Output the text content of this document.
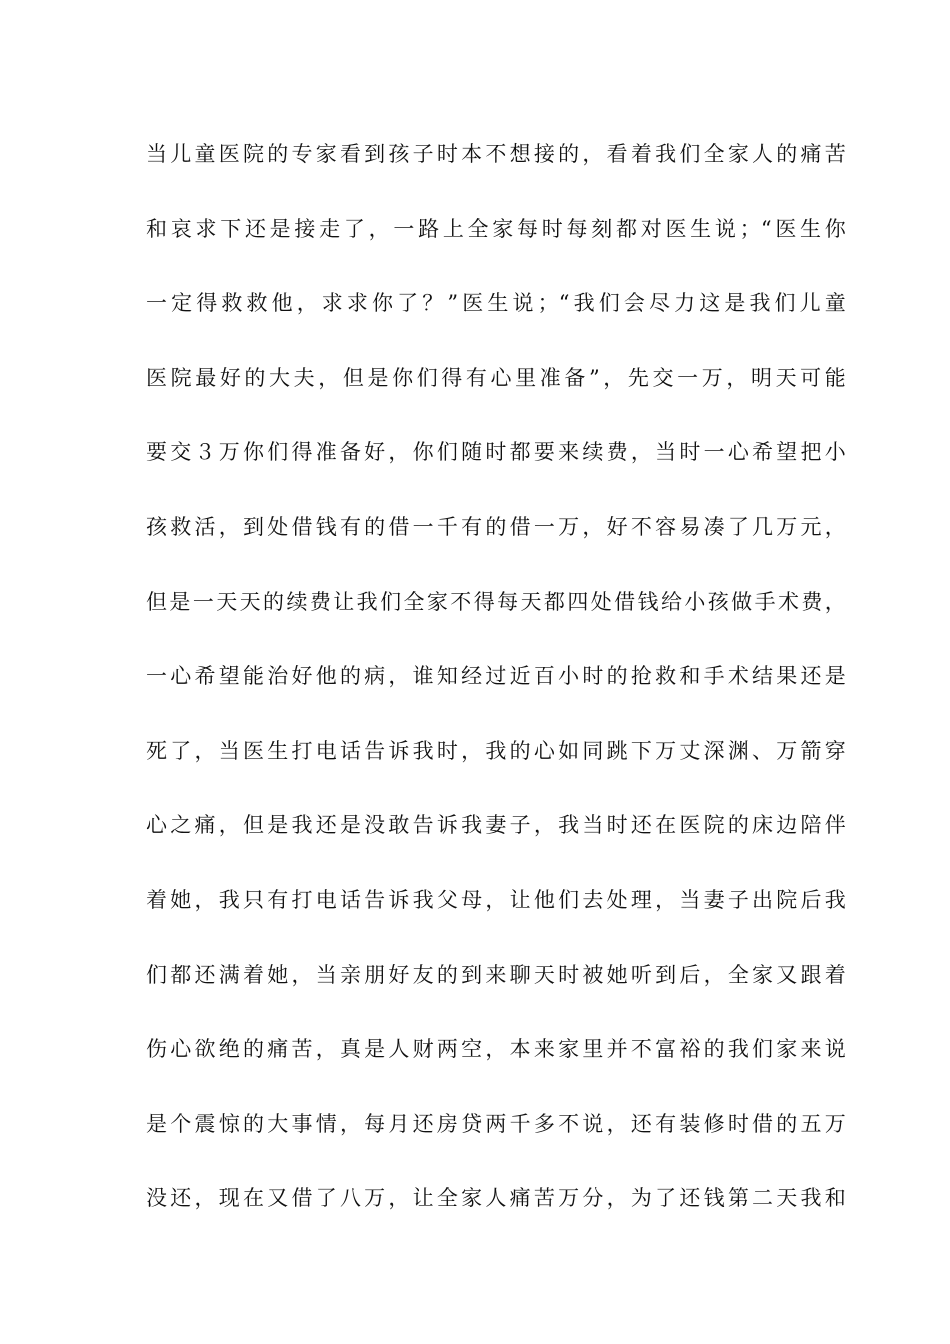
当儿童医院的专家看到孩子时本不想接的，看着我们全家人的痛苦
和哀求下还是接走了，一路上全家每时每刻都对医生说；“医生你
一定得救救他，求求你了？”医生说；“我们会尽力这是我们儿童
医院最好的大夫，但是你们得有心里准备”，先交一万，明天可能
要交３万你们得准备好，你们随时都要来续费，当时一心希望把小
孩救活，到处借钱有的借一千有的借一万，好不容易凑了几万元，
但是一天天的续费让我们全家不得每天都四处借钱给小孩做手术费，
一心希望能治好他的病，谁知经过近百小时的抢救和手术结果还是
死了，当医生打电话告诉我时，我的心如同跳下万丈深渊、万箭穿
心之痛，但是我还是没敢告诉我妻子，我当时还在医院的床边陪伴
着她，我只有打电话告诉我父母，让他们去处理，当妻子出院后我
们都还满着她，当亲朋好友的到来聊天时被她听到后，全家又跟着
伤心欲绝的痛苦，真是人财两空，本来家里并不富裕的我们家来说
是个震惊的大事情，每月还房贷两千多不说，还有装修时借的五万
没还，现在又借了八万，让全家人痛苦万分，为了还钱第二天我和
